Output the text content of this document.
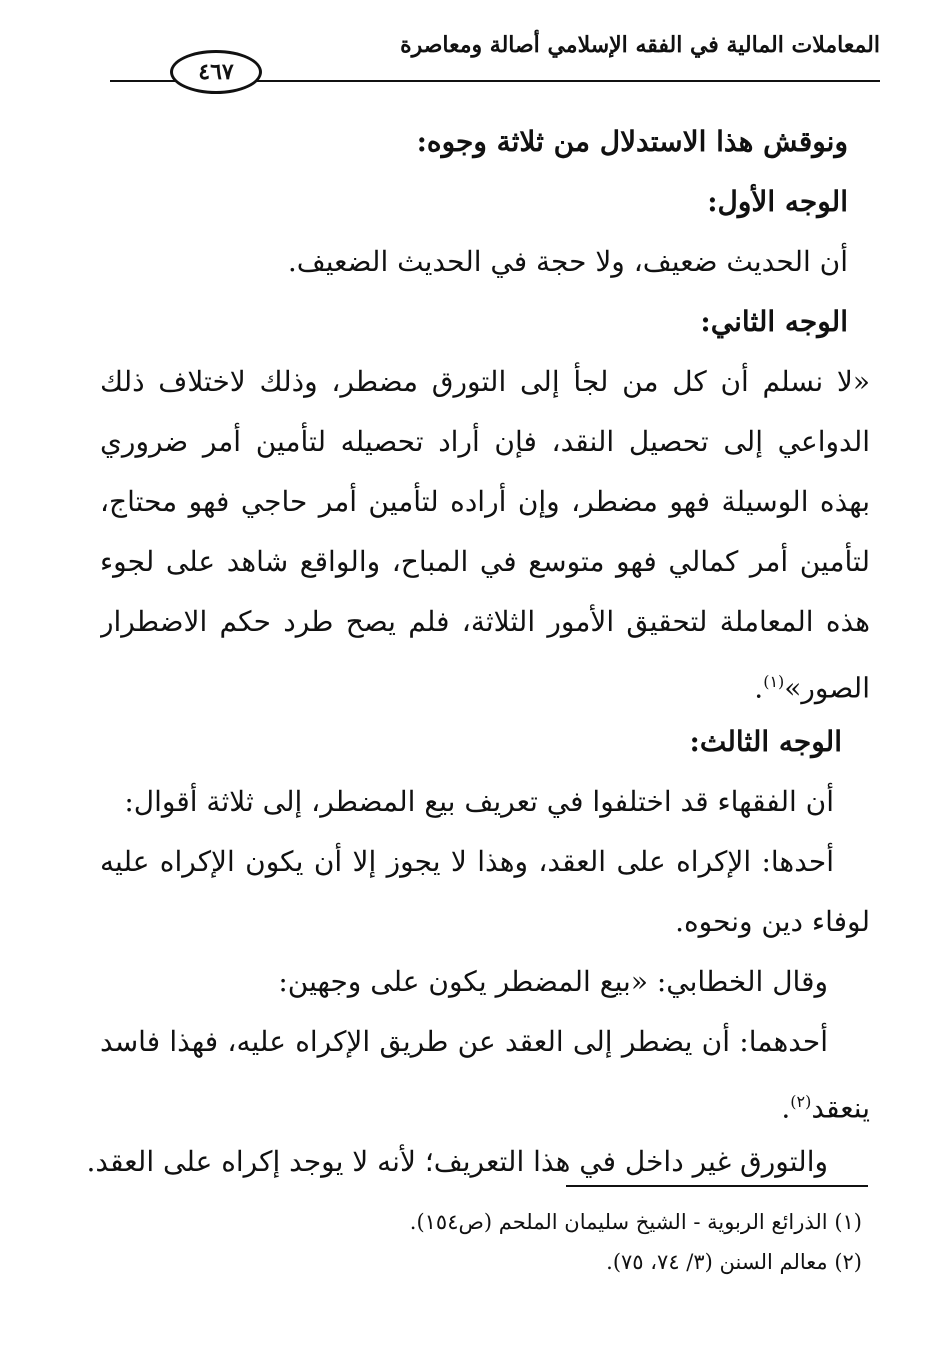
المعاملات المالية في الفقه الإسلامي أصالة ومعاصرة
٤٦٧
ونوقش هذا الاستدلال من ثلاثة وجوه:
الوجه الأول:
أن الحديث ضعيف، ولا حجة في الحديث الضعيف.
الوجه الثاني:
«لا نسلم أن كل من لجأ إلى التورق مضطر، وذلك لاختلاف ذلك
الدواعي إلى تحصيل النقد، فإن أراد تحصيله لتأمين أمر ضروري
بهذه الوسيلة فهو مضطر، وإن أراده لتأمين أمر حاجي فهو محتاج،
لتأمين أمر كمالي فهو متوسع في المباح، والواقع شاهد على لجوء
هذه المعاملة لتحقيق الأمور الثلاثة، فلم يصح طرد حكم الاضطرار
الصور»$^{(١)}$.
الوجه الثالث:
أن الفقهاء قد اختلفوا في تعريف بيع المضطر، إلى ثلاثة أقوال:
أحدها: الإكراه على العقد، وهذا لا يجوز إلا أن يكون الإكراه عليه
لوفاء دين ونحوه.
وقال الخطابي: «بيع المضطر يكون على وجهين:
أحدهما: أن يضطر إلى العقد عن طريق الإكراه عليه، فهذا فاسد
ينعقد$^{(٢)}$.
والتورق غير داخل في هذا التعريف؛ لأنه لا يوجد إكراه على العقد.
(١) الذرائع الربوية - الشيخ سليمان الملحم (ص١٥٤).
(٢) معالم السنن (٣/ ٧٤، ٧٥).
